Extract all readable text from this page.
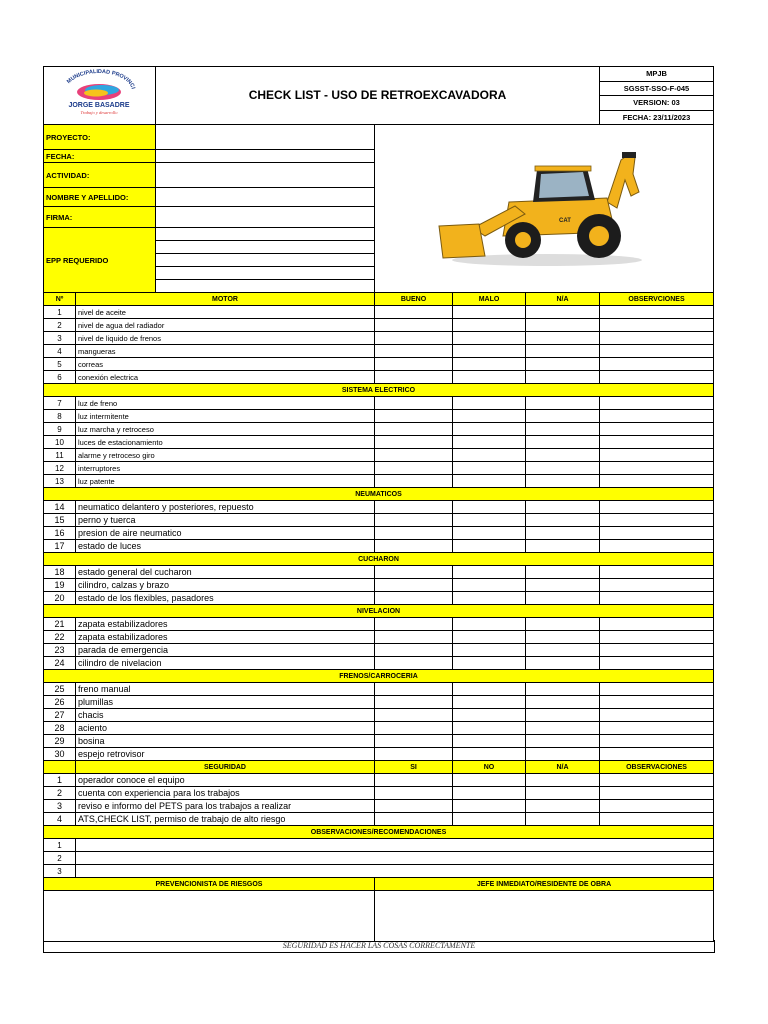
MUNICIPALIDAD PROVINCI
JORGE BASADRE
Trabajo y desarrollo		CHECK LIST - USO DE RETROEXCAVADORA				MPJB
						SGSST-SSO-F-045
						VERSION: 03
						FECHA: 23/11/2023
PROYECTO:			CAT			

FECHA:						
ACTIVIDAD:						
NOMBRE Y APELLIDO:						
FIRMA:						
EPP REQUERIDO						

Nº	MOTOR		BUENO	MALO	N/A	OBSERVCIONES
1	nivel de aceite					
2	nivel de agua del radiador					
3	nivel de liquido de frenos					
4	mangueras					
5	correas					
6	conexión electrica					
SISTEMA ELECTRICO						
7	luz de freno					
8	luz intermitente					
9	luz marcha y retroceso					
10	luces de estacionamiento					
11	alarme y retroceso giro					
12	interruptores					
13	luz patente					
NEUMATICOS						
14	neumatico delantero y posteriores, repuesto					
15	perno y tuerca					
16	presion de aire neumatico					
17	estado de luces					
CUCHARON						
18	estado general del cucharon					
19	cilindro, calzas y brazo					
20	estado de los flexibles, pasadores					
NIVELACION						
21	zapata estabilizadores					
22	zapata estabilizadores					
23	parada de emergencia					
24	cilindro de nivelacion					
FRENOS/CARROCERIA						
25	freno manual					
26	plumillas					
27	chacis					
28	aciento					
29	bosina					
30	espejo retrovisor					
	SEGURIDAD		SI	NO	N/A	OBSERVACIONES
1	operador conoce el equipo					
2	cuenta con experiencia para los trabajos					
3	reviso e informo del PETS para los trabajos a realizar					
4	ATS,CHECK LIST, permiso de trabajo de alto riesgo					
OBSERVACIONES/RECOMENDACIONES						
1						
2						
3						
PREVENCIONISTA DE RIESGOS			JEFE INMEDIATO/RESIDENTE DE OBRA			

SEGURIDAD ES HACER LAS COSAS CORRECTAMENTE
